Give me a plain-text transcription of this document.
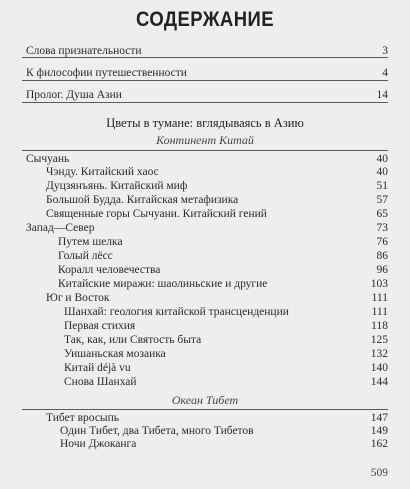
СОДЕРЖАНИЕ
Слова признательности	3
К философии путешественности	4
Пролог. Душа Азии	14
Цветы в тумане: вглядываясь в Азию
Континент Китай
Сычуань	40
Чэнду. Китайский хаос	40
Дуцзянъянь. Китайский миф	51
Большой Будда. Китайская метафизика	57
Священные горы Сычуани. Китайский гений	65
Запад—Север	73
Путем шелка	76
Голый лёсс	86
Коралл человечества	96
Китайские миражи: шаолиньские и другие	103
Юг и Восток	111
Шанхай: геология китайской трансценденции	111
Первая стихия	118
Так, как, или Святость быта	125
Уишаньская мозаика	132
Китай déjà vu	140
Снова Шанхай	144
Океан Тибет
Тибет вросыпь	147
Один Тибет, два Тибета, много Тибетов	149
Ночи Джоканга	162
509
